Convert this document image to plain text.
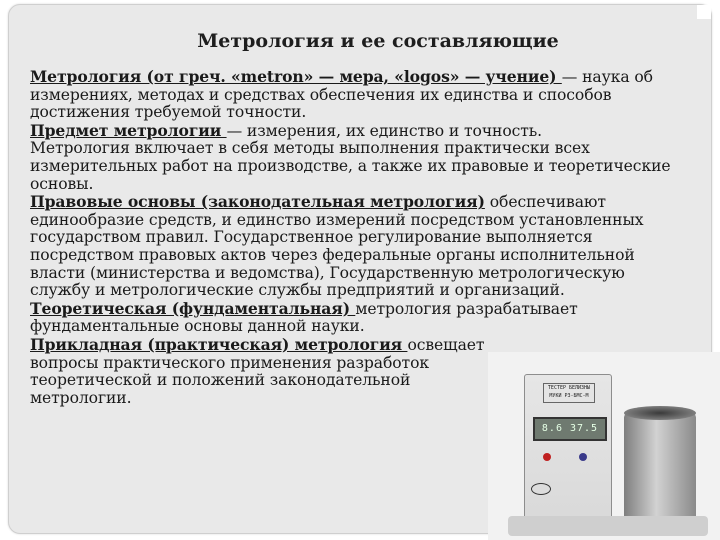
Метрология и ее составляющие

Метрология (от греч. «metron» — мера, «logos» — учение) — наука об измерениях, методах и средствах обеспечения их единства и способов достижения требуемой точности.

Предмет метрологии — измерения, их единство и точность.

Метрология включает в себя методы выполнения практически всех измерительных работ на производстве, а также их правовые и теоретические основы.

Правовые основы (законодательная метрология) обеспечивают единообразие средств, и единство измерений посредством установленных государством правил. Государственное регулирование выполняется посредством правовых актов через федеральные органы исполнительной власти (министерства и ведомства), Государственную метрологическую службу и метрологические службы предприятий и организаций.

Теоретическая (фундаментальная) метрология разрабатывает фундаментальные основы данной науки.

Прикладная (практическая) метрология освещает вопросы практического применения разработок теоретической и положений законодательной метрологии.

ТЕСТЕР БЕЛИЗНЫ МУКИ РЗ-БМС-М
8.6 37.5
